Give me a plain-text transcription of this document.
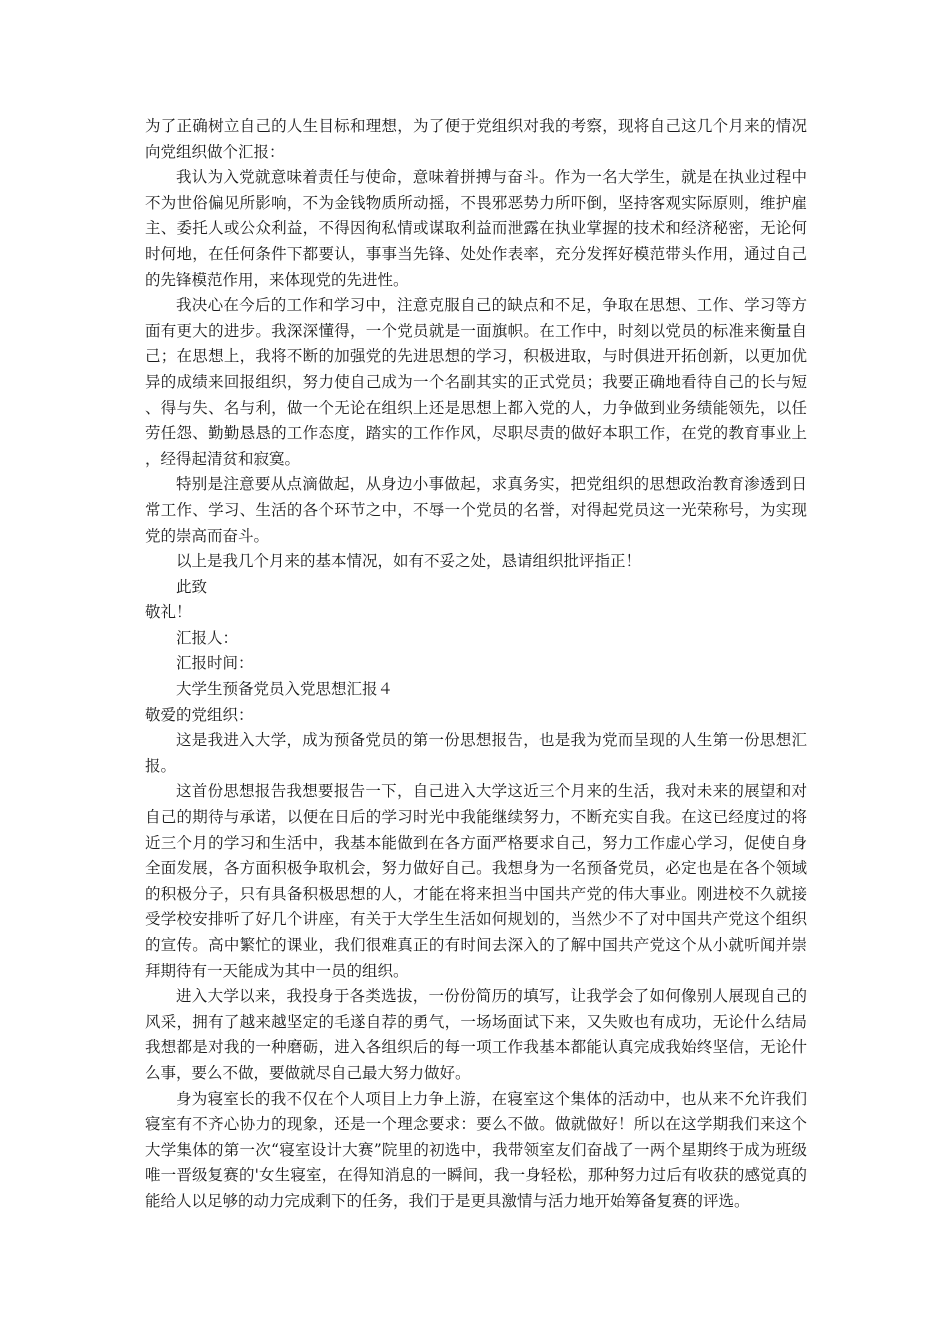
为了正确树立自己的人生目标和理想，为了便于党组织对我的考察，现将自己这几个月来的情况向党组织做个汇报：

我认为入党就意味着责任与使命，意味着拼搏与奋斗。作为一名大学生，就是在执业过程中不为世俗偏见所影响，不为金钱物质所动摇，不畏邪恶势力所吓倒，坚持客观实际原则，维护雇主、委托人或公众利益，不得因徇私情或谋取利益而泄露在执业掌握的技术和经济秘密，无论何时何地，在任何条件下都要认，事事当先锋、处处作表率，充分发挥好模范带头作用，通过自己的先锋模范作用，来体现党的先进性。

我决心在今后的工作和学习中，注意克服自己的缺点和不足，争取在思想、工作、学习等方面有更大的进步。我深深懂得，一个党员就是一面旗帜。在工作中，时刻以党员的标准来衡量自己；在思想上，我将不断的加强党的先进思想的学习，积极进取，与时俱进开拓创新，以更加优异的成绩来回报组织，努力使自己成为一个名副其实的正式党员；我要正确地看待自己的长与短、得与失、名与利，做一个无论在组织上还是思想上都入党的人，力争做到业务绩能领先，以任劳任怨、勤勤恳恳的工作态度，踏实的工作作风，尽职尽责的做好本职工作，在党的教育事业上，经得起清贫和寂寞。

特别是注意要从点滴做起，从身边小事做起，求真务实，把党组织的思想政治教育渗透到日常工作、学习、生活的各个环节之中，不辱一个党员的名誉，对得起党员这一光荣称号，为实现党的崇高而奋斗。

以上是我几个月来的基本情况，如有不妥之处，恳请组织批评指正！

此致

敬礼！

汇报人：

汇报时间：

大学生预备党员入党思想汇报４

敬爱的党组织：

这是我进入大学，成为预备党员的第一份思想报告，也是我为党而呈现的人生第一份思想汇报。

这首份思想报告我想要报告一下，自己进入大学这近三个月来的生活，我对未来的展望和对自己的期待与承诺，以便在日后的学习时光中我能继续努力，不断充实自我。在这已经度过的将近三个月的学习和生活中，我基本能做到在各方面严格要求自己，努力工作虚心学习，促使自身全面发展，各方面积极争取机会，努力做好自己。我想身为一名预备党员，必定也是在各个领域的积极分子，只有具备积极思想的人，才能在将来担当中国共产党的伟大事业。刚进校不久就接受学校安排听了好几个讲座，有关于大学生生活如何规划的，当然少不了对中国共产党这个组织的宣传。高中繁忙的课业，我们很难真正的有时间去深入的了解中国共产党这个从小就听闻并崇拜期待有一天能成为其中一员的组织。

进入大学以来，我投身于各类选拔，一份份简历的填写，让我学会了如何像别人展现自己的风采，拥有了越来越坚定的毛遂自荐的勇气，一场场面试下来，又失败也有成功，无论什么结局我想都是对我的一种磨砺，进入各组织后的每一项工作我基本都能认真完成我始终坚信，无论什么事，要么不做，要做就尽自己最大努力做好。

身为寝室长的我不仅在个人项目上力争上游，在寝室这个集体的活动中，也从来不允许我们寝室有不齐心协力的现象，还是一个理念要求：要么不做。做就做好！所以在这学期我们来这个大学集体的第一次“寝室设计大赛”院里的初选中，我带领室友们奋战了一两个星期终于成为班级唯一晋级复赛的'女生寝室，在得知消息的一瞬间，我一身轻松，那种努力过后有收获的感觉真的能给人以足够的动力完成剩下的任务，我们于是更具激情与活力地开始筹备复赛的评选。
